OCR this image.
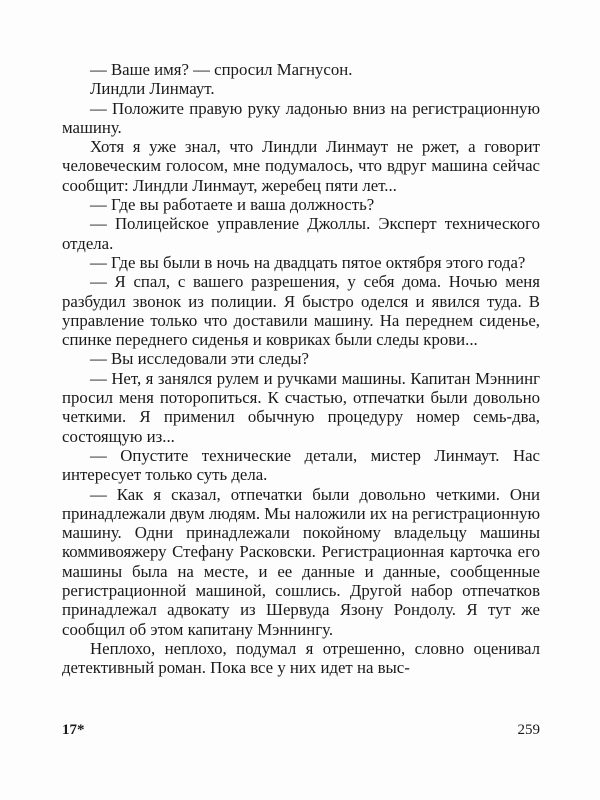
— Ваше имя? — спросил Магнусон.

Линдли Линмаут.

— Положите правую руку ладонью вниз на регистрационную машину.

Хотя я уже знал, что Линдли Линмаут не ржет, а говорит человеческим голосом, мне подумалось, что вдруг машина сейчас сообщит: Линдли Линмаут, жеребец пяти лет...

— Где вы работаете и ваша должность?

— Полицейское управление Джоллы. Эксперт технического отдела.

— Где вы были в ночь на двадцать пятое октября этого года?

— Я спал, с вашего разрешения, у себя дома. Ночью меня разбудил звонок из полиции. Я быстро оделся и явился туда. В управление только что доставили машину. На переднем сиденье, спинке переднего сиденья и ковриках были следы крови...

— Вы исследовали эти следы?

— Нет, я занялся рулем и ручками машины. Капитан Мэннинг просил меня поторопиться. К счастью, отпечатки были довольно четкими. Я применил обычную процедуру номер семь-два, состоящую из...

— Опустите технические детали, мистер Линмаут. Нас интересует только суть дела.

— Как я сказал, отпечатки были довольно четкими. Они принадлежали двум людям. Мы наложили их на регистрационную машину. Одни принадлежали покойному владельцу машины коммивояжеру Стефану Расковски. Регистрационная карточка его машины была на месте, и ее данные и данные, сообщенные регистрационной машиной, сошлись. Другой набор отпечатков принадлежал адвокату из Шервуда Язону Рондолу. Я тут же сообщил об этом капитану Мэннингу.

Неплохо, неплохо, подумал я отрешенно, словно оценивал детективный роман. Пока все у них идет на выс-

17*	259
